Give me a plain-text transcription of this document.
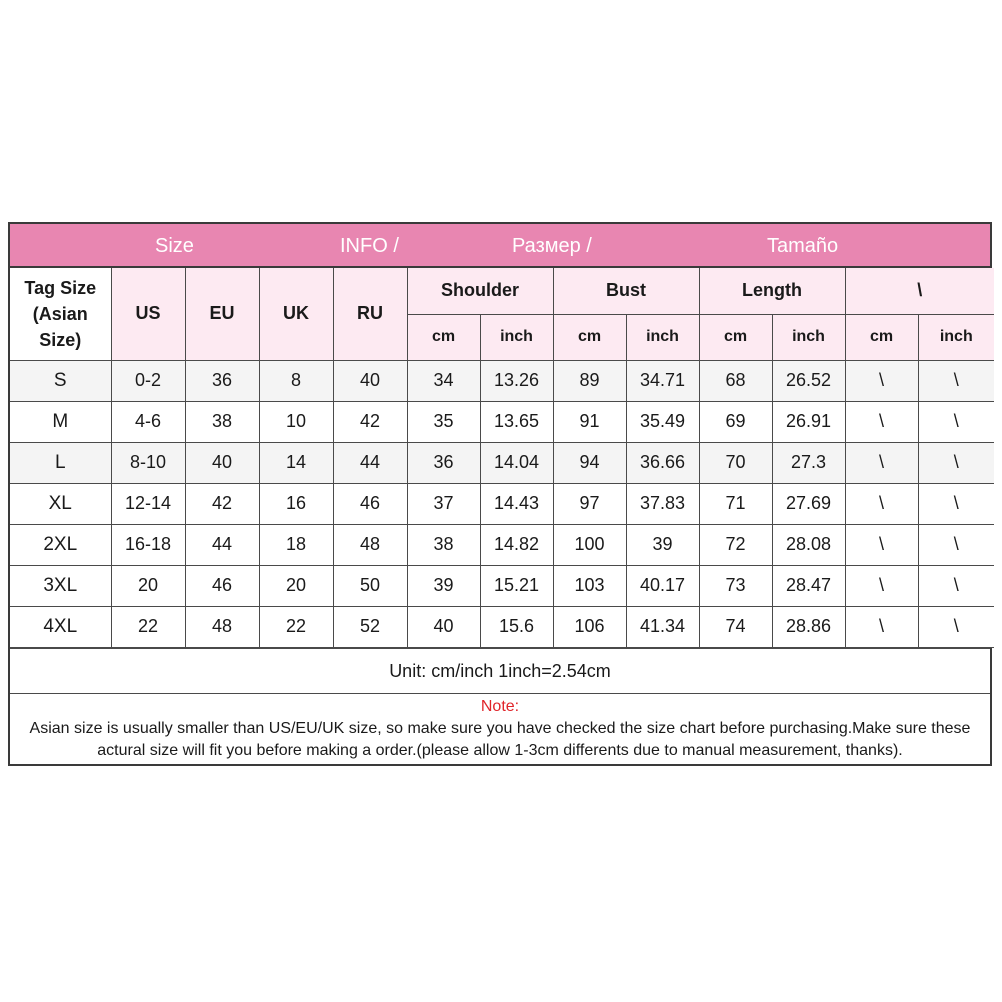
Size	INFO /	Размер /	Tamaño
Tag Size (Asian Size)	US	EU	UK	RU	Shoulder		Bust		Length		\	
					cm	inch	cm	inch	cm	inch	cm	inch
S	0-2	36	8	40	34	13.26	89	34.71	68	26.52	\	\
M	4-6	38	10	42	35	13.65	91	35.49	69	26.91	\	\
L	8-10	40	14	44	36	14.04	94	36.66	70	27.3	\	\
XL	12-14	42	16	46	37	14.43	97	37.83	71	27.69	\	\
2XL	16-18	44	18	48	38	14.82	100	39	72	28.08	\	\
3XL	20	46	20	50	39	15.21	103	40.17	73	28.47	\	\
4XL	22	48	22	52	40	15.6	106	41.34	74	28.86	\	\
Unit: cm/inch 1inch=2.54cm
Note:
Asian size is usually smaller than US/EU/UK size, so make sure you have checked the size chart before purchasing.Make sure these actural size will fit you before making a order.(please allow 1-3cm differents due to manual measurement, thanks).
